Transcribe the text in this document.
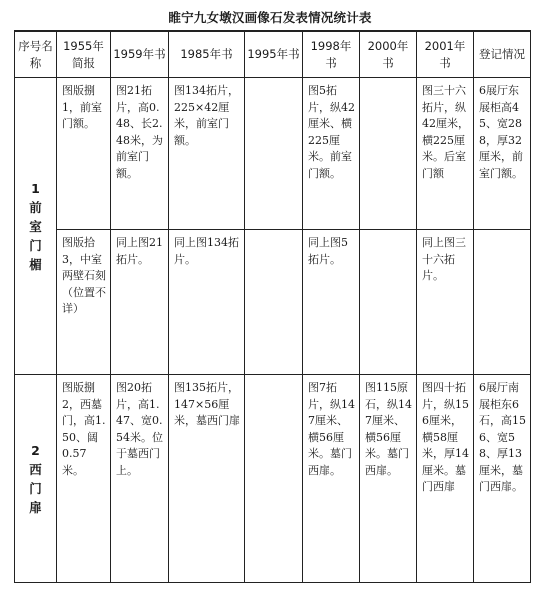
睢宁九女墩汉画像石发表情况统计表
序号名称	1955年简报	1959年书	1985年书	1995年书	1998年书	2000年书	2001年书	登记情况

1
前室门楣	图版捌1，前室门额。	图21拓片，高0.48、长2.48米，为前室门额。	图134拓片，225×42厘米，前室门额。		图5拓片，纵42厘米、横225厘米。前室门额。		图三十六拓片，纵42厘米，横225厘米。后室门额	6展厅东展柜高45、宽288，厚32厘米，前室门额。
	图版拾3，中室两壁石刻（位置不详）	同上图21拓片。	同上图134拓片。		同上图5拓片。		同上图三十六拓片。	

2
西门扉	图版捌2，西墓门，高1.50、阔0.57米。	图20拓片，高1.47、宽0.54米。位于墓西门上。	图135拓片，147×56厘米，墓西门扉		图7拓片，纵147厘米、横56厘米。墓门西扉。	图115原石，纵147厘米、横56厘米。墓门西扉。	图四十拓片，纵156厘米，横58厘米，厚14厘米。墓门西扉	6展厅南展柜东6石，高156、宽58、厚13厘米，墓门西扉。
